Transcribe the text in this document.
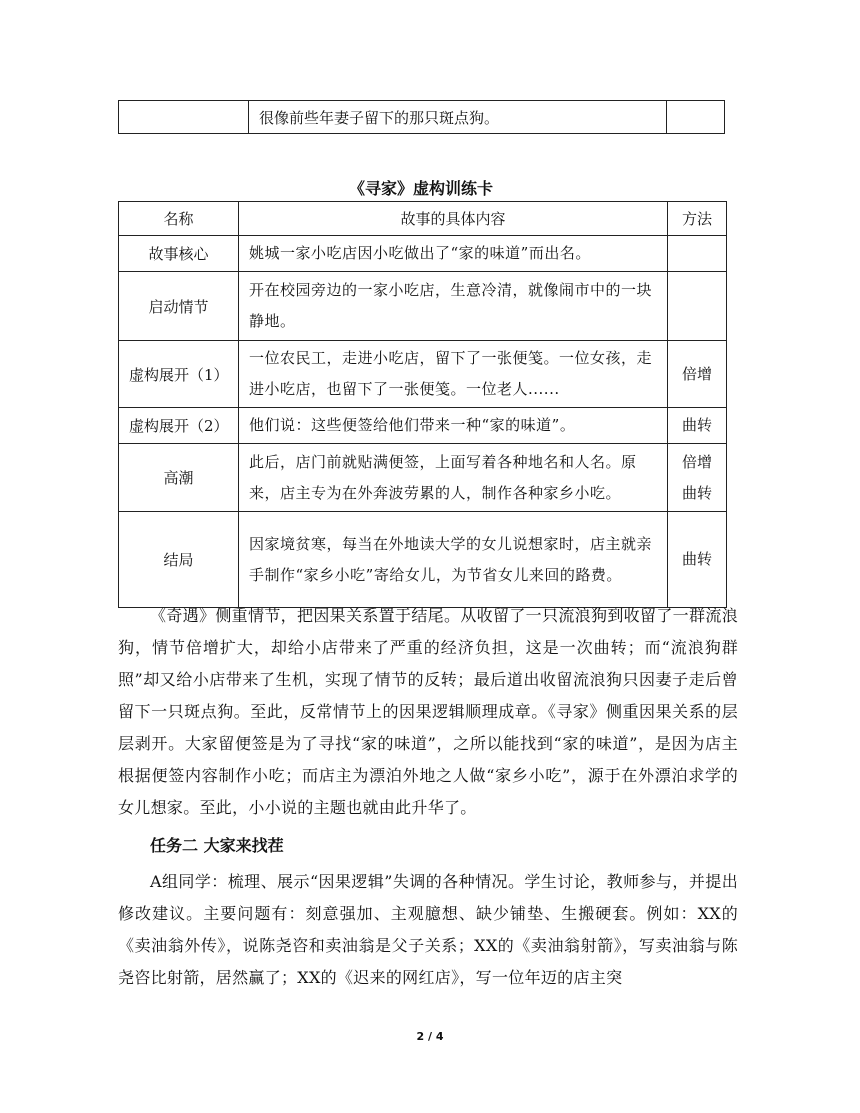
	很像前些年妻子留下的那只斑点狗。	
《寻家》虚构训练卡
名称	故事的具体内容	方法
故事核心	姚城一家小吃店因小吃做出了“家的味道”而出名。	
启动情节	开在校园旁边的一家小吃店，生意冷清，就像闹市中的一块静地。	
虚构展开（1）	一位农民工，走进小吃店，留下了一张便笺。一位女孩，走进小吃店，也留下了一张便笺。一位老人......	倍增
虚构展开（2）	他们说：这些便签给他们带来一种“家的味道”。	曲转
高潮	此后，店门前就贴满便签，上面写着各种地名和人名。原来，店主专为在外奔波劳累的人，制作各种家乡小吃。	倍增 曲转
结局	因家境贫寒，每当在外地读大学的女儿说想家时，店主就亲手制作“家乡小吃”寄给女儿，为节省女儿来回的路费。	曲转

《奇遇》侧重情节，把因果关系置于结尾。从收留了一只流浪狗到收留了一群流浪狗，情节倍增扩大，却给小店带来了严重的经济负担，这是一次曲转；而“流浪狗群照”却又给小店带来了生机，实现了情节的反转；最后道出收留流浪狗只因妻子走后曾留下一只斑点狗。至此，反常情节上的因果逻辑顺理成章。《寻家》侧重因果关系的层层剥开。大家留便签是为了寻找“家的味道”，之所以能找到“家的味道”，是因为店主根据便签内容制作小吃；而店主为漂泊外地之人做“家乡小吃”，源于在外漂泊求学的女儿想家。至此，小小说的主题也就由此升华了。

任务二 大家来找茬

A组同学：梳理、展示“因果逻辑”失调的各种情况。学生讨论，教师参与，并提出修改建议。主要问题有：刻意强加、主观臆想、缺少铺垫、生搬硬套。例如：XX的《卖油翁外传》，说陈尧咨和卖油翁是父子关系；XX的《卖油翁射箭》，写卖油翁与陈尧咨比射箭，居然赢了；XX的《迟来的网红店》，写一位年迈的店主突

2 / 4
